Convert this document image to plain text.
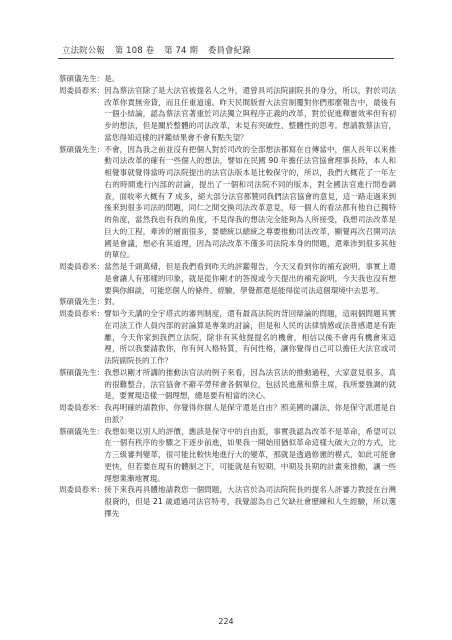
立法院公報 第 108 卷 第 74 期 委員會紀錄

蔡碩儀先生： 是。

周委員春米： 因為蔡法官除了是大法官被提名人之外，還曾具司法院副院長的身分，所以，對於司法改革你責無旁貸，而且任重道遠。昨天民間版督大法官制覆對你們那麼報告中，最後有一個小結論，認為蔡法官著重於司法獨立與程序正義的改革，對於促進釋憲效率但有初步的想法，但是關於整體的司法改革，未見有突破性、整體性的思考。想請教蔡法官，當您得知這樣的評鑑結果會不會有點失望？

蔡碩儀先生： 不會，因為我之前並沒有把個人對於司改的全部想法都寫在自傳當中，個人長年以來推動司法改革的確有一些個人的想法，譬如在民國 90 年擔任法官協會理事長時，本人和相覺事就覺得當時司法院提出的法官法版本是比較保守的，所以，我們大概花了一年左右的時間進行內部的討論，提出了一個和司法院不同的版本，對全國法官進行問卷調查，面收率大概有 7 成多，絕大部分法官都贊同我們法官協會的意見，這一路走過來到後來到很多司法的問題，同仁之間交換司法改革意見，每一個人的看法都有他自己獨特的角度，當然我也有我的角度，不見得我的想法完全能夠為人所接受，我想司法改革是巨大的工程，牽涉的層面很多，要總統以總統之尊要推動司法改革，顯覺再次召開司法國是會議，想必有其道理，因為司法改革不僅多司法院本身的問題，還牽涉到很多其他的單位。

周委員春米： 當然是千頭萬緒，但是我們看到昨天的評鑑報告，今天又看到你的補充說明，事實上還是會讓人有那樣的印象，就是從你剛才的答復或今天提出的補充說明，今天我也沒有想要與你細談，可能您個人的條件、經驗，學覺都還是能得從司法這個環境中去思考。

蔡碩儀先生： 對。

周委員春米： 譬如今天講的全宇塔式的審判制度，還有最高法院的背回辯論的問題，這兩個問題其實在司法工作人員內部的討論算是專業的討論，但是和人民的法律情感或法普感還是有距離，今天你家到我們立法院，除非有其他提提名的機會，相信以後不會再有機會來這裡，所以我要請教你，你有何人格特質，有何性格，讓你覺得自己可以擔任大法官或司法院副院長的工作？

蔡碩儀先生： 我想以剛才所講的推動法官法的例子來看，因為法官法的推動過程，大家意見很多，真的很難整合，法官協會不辭辛勞拜會各個單位，包括民進黨和蔡主席，我所要強調的就是，要實現這樣一個理想，總是要有相當的決心。

周委員春米： 我再明確的請教你，你覺得你個人是保守還是自由？照美國的講法，你是保守派還是自由派？

蔡碩儀先生： 我想如果以別人的評價，應該是保守中的自由派，事實我認為改革不是革命，希望可以在一個有秩序的步驟之下逐步前進，如果我一開始用猶似革命這樣大破大立的方式，比方三級審判變革，很可能比較快地進行大的變革，那就是透過修憲的模式，如此可能會更快，但若要在現有的體制之下，可能就是有短期、中期及長期的計畫來推動，讓一些理想業漸地實現。

周委員春米： 接下來我再具體地請教您一個問題，大法官於為司法院院長的提名人評審力教授在台灣很資的，但是 21 歲通過司法官特考，我覺認為自己欠缺社會歷練和人生經驗，所以選擇先

224
